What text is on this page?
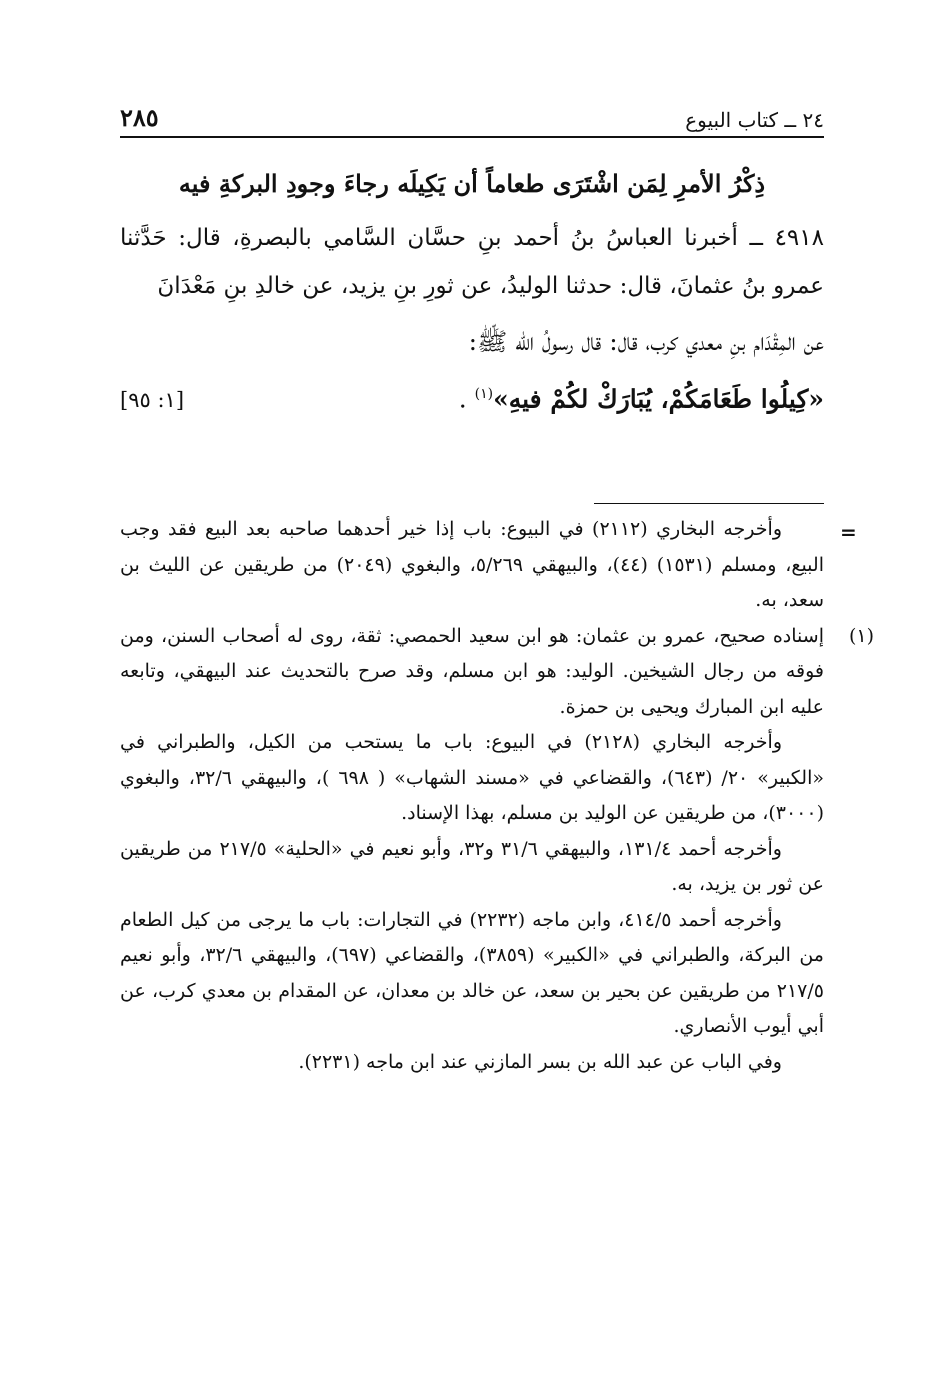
٢٤ ــ كتاب البيوع
٢٨٥
ذِكْرُ الأمرِ لِمَن اشْتَرَى طعاماً أن يَكِيلَه رجاءَ وجودِ البركةِ فيه

٤٩١٨ ــ أخبرنا العباسُ بنُ أحمد بنِ حسَّان السَّامي بالبصرةِ، قال: حَدَّثنا عمرو بنُ عثمانَ، قال: حدثنا الوليدُ، عن ثورِ بنِ يزيد، عن خالدِ بنِ مَعْدَانَ

عن المِقْدَام بنِ معدي كرب، قال: قال رسولُ الله ﷺ:

«كِيلُوا طَعَامَكُمْ، يُبَارَكْ لكُمْ فيهِ»$^{(١)}$ .
[١: ٩٥]
=

وأخرجه البخاري (٢١١٢) في البيوع: باب إذا خير أحدهما صاحبه بعد البيع فقد وجب البيع، ومسلم (١٥٣١) (٤٤)، والبيهقي ٥/٢٦٩، والبغوي (٢٠٤٩) من طريقين عن الليث بن سعد، به.

(١)

إسناده صحيح، عمرو بن عثمان: هو ابن سعيد الحمصي: ثقة، روى له أصحاب السنن، ومن فوقه من رجال الشيخين. الوليد: هو ابن مسلم، وقد صرح بالتحديث عند البيهقي، وتابعه عليه ابن المبارك ويحيى بن حمزة.

وأخرجه البخاري (٢١٢٨) في البيوع: باب ما يستحب من الكيل، والطبراني في «الكبير» ٢٠/ (٦٤٣)، والقضاعي في «مسند الشهاب» ( ٦٩٨ )، والبيهقي ٣٢/٦، والبغوي (٣٠٠٠)، من طريقين عن الوليد بن مسلم، بهذا الإسناد.

وأخرجه أحمد ١٣١/٤، والبيهقي ٣١/٦ و٣٢، وأبو نعيم في «الحلية» ٢١٧/٥ من طريقين عن ثور بن يزيد، به.

وأخرجه أحمد ٤١٤/٥، وابن ماجه (٢٢٣٢) في التجارات: باب ما يرجى من كيل الطعام من البركة، والطبراني في «الكبير» (٣٨٥٩)، والقضاعي (٦٩٧)، والبيهقي ٣٢/٦، وأبو نعيم ٢١٧/٥ من طريقين عن بحير بن سعد، عن خالد بن معدان، عن المقدام بن معدي كرب، عن أبي أيوب الأنصاري.

وفي الباب عن عبد الله بن بسر المازني عند ابن ماجه (٢٢٣١).
